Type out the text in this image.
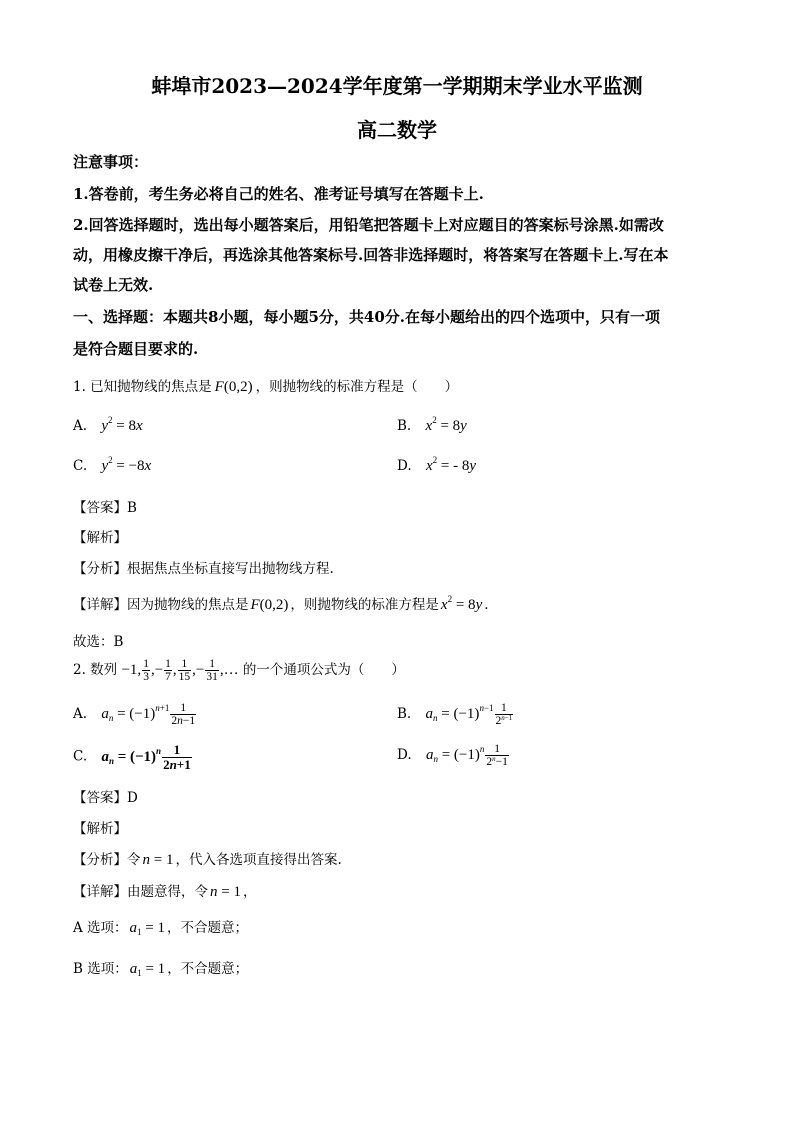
蚌埠市2023—2024学年度第一学期期末学业水平监测
高二数学
注意事项：
1.答卷前，考生务必将自己的姓名、准考证号填写在答题卡上.
2.回答选择题时，选出每小题答案后，用铅笔把答题卡上对应题目的答案标号涂黑.如需改
动，用橡皮擦干净后，再选涂其他答案标号.回答非选择题时，将答案写在答题卡上.写在本
试卷上无效.
一、选择题：本题共8小题，每小题5分，共40分.在每小题给出的四个选项中，只有一项
是符合题目要求的.
1. 已知抛物线的焦点是 F(0,2) ，则抛物线的标准方程是（　　）
A. $y^2 = 8x$	B. $x^2 = 8y$
C. $y^2 = -8x$	D. $x^2$ = - 8y
【答案】B
【解析】
【分析】根据焦点坐标直接写出抛物线方程.
【详解】因为抛物线的焦点是 F(0,2) ，则抛物线的标准方程是 $x^2 = 8y$ .
故选：B
2. 数列 −1, $\frac{1}{3}$ ,− $\frac{1}{7}$ , $\frac{1}{15}$ ,− $\frac{1}{31}$ ,… 的一个通项公式为（　　）
A. $a_n = (-1)^{n+1} \frac{1}{2n-1}$	B. $a_n = (-1)^{n-1} \frac{1}{2^{n-1}}$
C. $a_n = (-1)^n \frac{1}{2n+1}$	D. $a_n = (-1)^n \frac{1}{2^n-1}$
【答案】D
【解析】
【分析】令 n = 1 ，代入各选项直接得出答案.
【详解】由题意得，令 n = 1 ，
A 选项： $a_1 = 1$ ，不合题意；
B 选项： $a_1 = 1$ ，不合题意；
